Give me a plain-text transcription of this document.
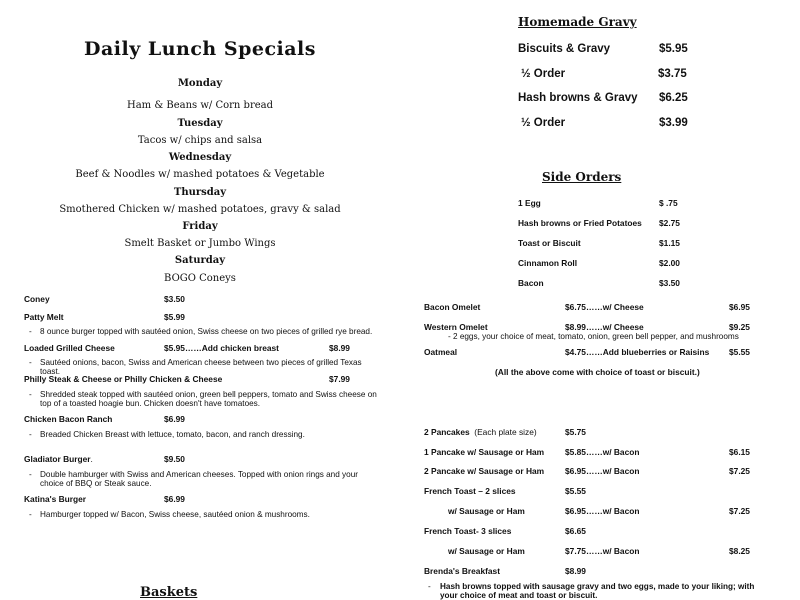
Daily Lunch Specials
Monday
Ham & Beans w/ Corn bread
Tuesday
Tacos w/ chips and salsa
Wednesday
Beef & Noodles w/ mashed potatoes & Vegetable
Thursday
Smothered Chicken w/ mashed potatoes, gravy & salad
Friday
Smelt Basket or Jumbo Wings
Saturday
BOGO Coneys
Coney	$3.50
Patty Melt	$5.99
- 8 ounce burger topped with sautéed onion, Swiss cheese on two pieces of grilled rye bread.
Loaded Grilled Cheese	$5.95……Add chicken breast	$8.99
- Sautéed onions, bacon, Swiss and American cheese between two pieces of grilled Texas toast.
Philly Steak & Cheese or Philly Chicken & Cheese	$7.99
- Shredded steak topped with sautéed onion, green bell peppers, tomato and Swiss cheese on top of a toasted hoagie bun. Chicken doesn't have tomatoes.
Chicken Bacon Ranch	$6.99
- Breaded Chicken Breast with lettuce, tomato, bacon, and ranch dressing.
Gladiator Burger.	$9.50
- Double hamburger with Swiss and American cheeses. Topped with onion rings and your choice of BBQ or Steak sauce.
Katina's Burger	$6.99
- Hamburger topped w/ Bacon, Swiss cheese, sautéed onion & mushrooms.
Baskets
Homemade Gravy
Biscuits & Gravy	$5.95
½ Order	$3.75
Hash browns & Gravy $6.25
½ Order	$3.99
Side Orders
1 Egg	$ .75
Hash browns or Fried Potatoes $2.75
Toast or Biscuit	$1.15
Cinnamon Roll	$2.00
Bacon	$3.50
Bacon Omelet	$6.75……w/ Cheese	$6.95
Western Omelet	$8.99……w/ Cheese	$9.25
- 2 eggs, your choice of meat, tomato, onion, green bell pepper, and mushrooms
Oatmeal	$4.75……Add blueberries or Raisins $5.55
(All the above come with choice of toast or biscuit.)
2 Pancakes (Each plate size)	$5.75
1 Pancake w/ Sausage or Ham $5.85……w/ Bacon	$6.15
2 Pancake w/ Sausage or Ham $6.95……w/ Bacon	$7.25
French Toast – 2 slices	$5.55
w/ Sausage or Ham	$6.95……w/ Bacon	$7.25
French Toast- 3 slices	$6.65
w/ Sausage or Ham	$7.75……w/ Bacon	$8.25
Brenda's Breakfast	$8.99
- Hash browns topped with sausage gravy and two eggs, made to your liking; with your choice of meat and toast or biscuit.
